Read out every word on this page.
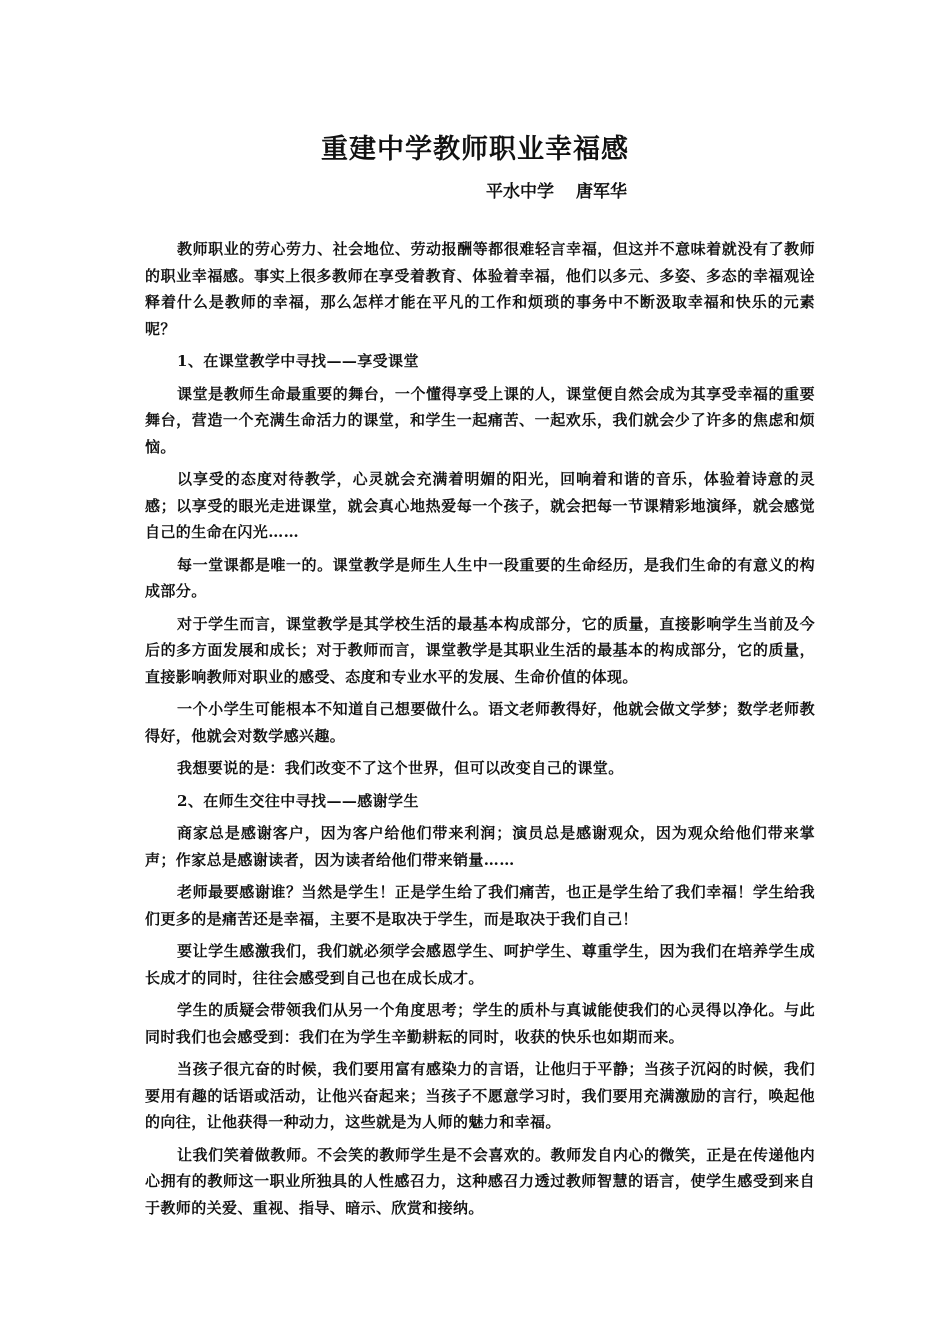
重建中学教师职业幸福感
平水中学 唐军华

教师职业的劳心劳力、社会地位、劳动报酬等都很难轻言幸福，但这并不意味着就没有了教师的职业幸福感。事实上很多教师在享受着教育、体验着幸福，他们以多元、多姿、多态的幸福观诠释着什么是教师的幸福，那么怎样才能在平凡的工作和烦琐的事务中不断汲取幸福和快乐的元素呢？

1、在课堂教学中寻找——享受课堂

课堂是教师生命最重要的舞台，一个懂得享受上课的人，课堂便自然会成为其享受幸福的重要舞台，营造一个充满生命活力的课堂，和学生一起痛苦、一起欢乐，我们就会少了许多的焦虑和烦恼。

以享受的态度对待教学，心灵就会充满着明媚的阳光，回响着和谐的音乐，体验着诗意的灵感；以享受的眼光走进课堂，就会真心地热爱每一个孩子，就会把每一节课精彩地演绎，就会感觉自己的生命在闪光……

每一堂课都是唯一的。课堂教学是师生人生中一段重要的生命经历，是我们生命的有意义的构成部分。

对于学生而言，课堂教学是其学校生活的最基本构成部分，它的质量，直接影响学生当前及今后的多方面发展和成长；对于教师而言，课堂教学是其职业生活的最基本的构成部分，它的质量，直接影响教师对职业的感受、态度和专业水平的发展、生命价值的体现。

一个小学生可能根本不知道自己想要做什么。语文老师教得好，他就会做文学梦；数学老师教得好，他就会对数学感兴趣。

我想要说的是：我们改变不了这个世界，但可以改变自己的课堂。

2、在师生交往中寻找——感谢学生

商家总是感谢客户，因为客户给他们带来利润；演员总是感谢观众，因为观众给他们带来掌声；作家总是感谢读者，因为读者给他们带来销量……

老师最要感谢谁？当然是学生！正是学生给了我们痛苦，也正是学生给了我们幸福！学生给我们更多的是痛苦还是幸福，主要不是取决于学生，而是取决于我们自己！

要让学生感激我们，我们就必须学会感恩学生、呵护学生、尊重学生，因为我们在培养学生成长成才的同时，往往会感受到自己也在成长成才。

学生的质疑会带领我们从另一个角度思考；学生的质朴与真诚能使我们的心灵得以净化。与此同时我们也会感受到：我们在为学生辛勤耕耘的同时，收获的快乐也如期而来。

当孩子很亢奋的时候，我们要用富有感染力的言语，让他归于平静；当孩子沉闷的时候，我们要用有趣的话语或活动，让他兴奋起来；当孩子不愿意学习时，我们要用充满激励的言行，唤起他的向往，让他获得一种动力，这些就是为人师的魅力和幸福。

让我们笑着做教师。不会笑的教师学生是不会喜欢的。教师发自内心的微笑，正是在传递他内心拥有的教师这一职业所独具的人性感召力，这种感召力透过教师智慧的语言，使学生感受到来自于教师的关爱、重视、指导、暗示、欣赏和接纳。
